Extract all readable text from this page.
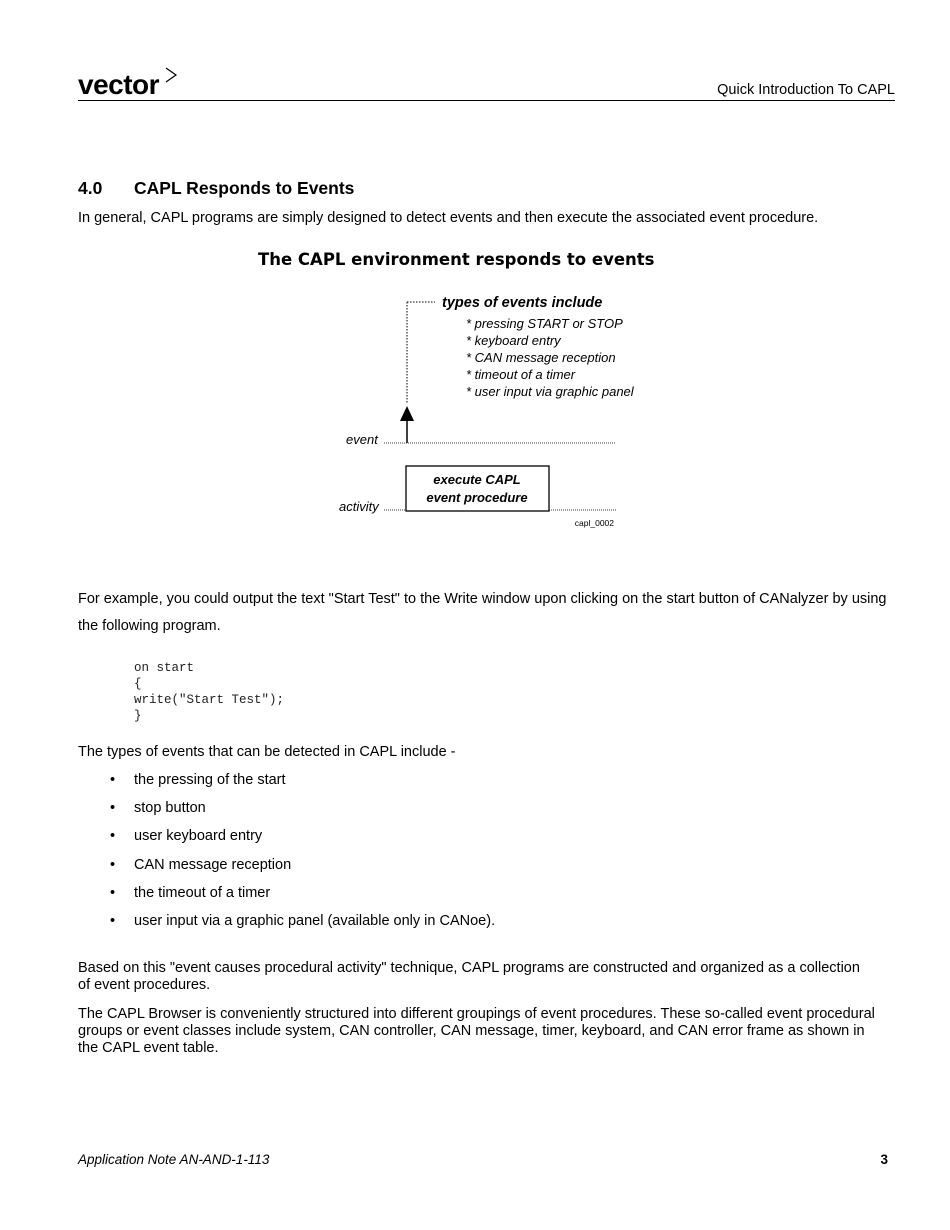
vector	Quick Introduction To CAPL
4.0 CAPL Responds to Events
In general, CAPL programs are simply designed to detect events and then execute the associated event procedure.
The CAPL environment responds to events
types of events include
* pressing START or STOP
* keyboard entry
* CAN message reception
* timeout of a timer
* user input via graphic panel
event
execute CAPL
event procedure
activity
capl_0002
For example, you could output the text "Start Test" to the Write window upon clicking on the start button of CANalyzer by using the following program.
on start
{
write("Start Test");
}
The types of events that can be detected in CAPL include -
• the pressing of the start
• stop button
• user keyboard entry
• CAN message reception
• the timeout of a timer
• user input via a graphic panel (available only in CANoe).
Based on this "event causes procedural activity" technique, CAPL programs are constructed and organized as a collection of event procedures.
The CAPL Browser is conveniently structured into different groupings of event procedures. These so-called event procedural groups or event classes include system, CAN controller, CAN message, timer, keyboard, and CAN error frame as shown in the CAPL event table.
Application Note AN-AND-1-113	3
